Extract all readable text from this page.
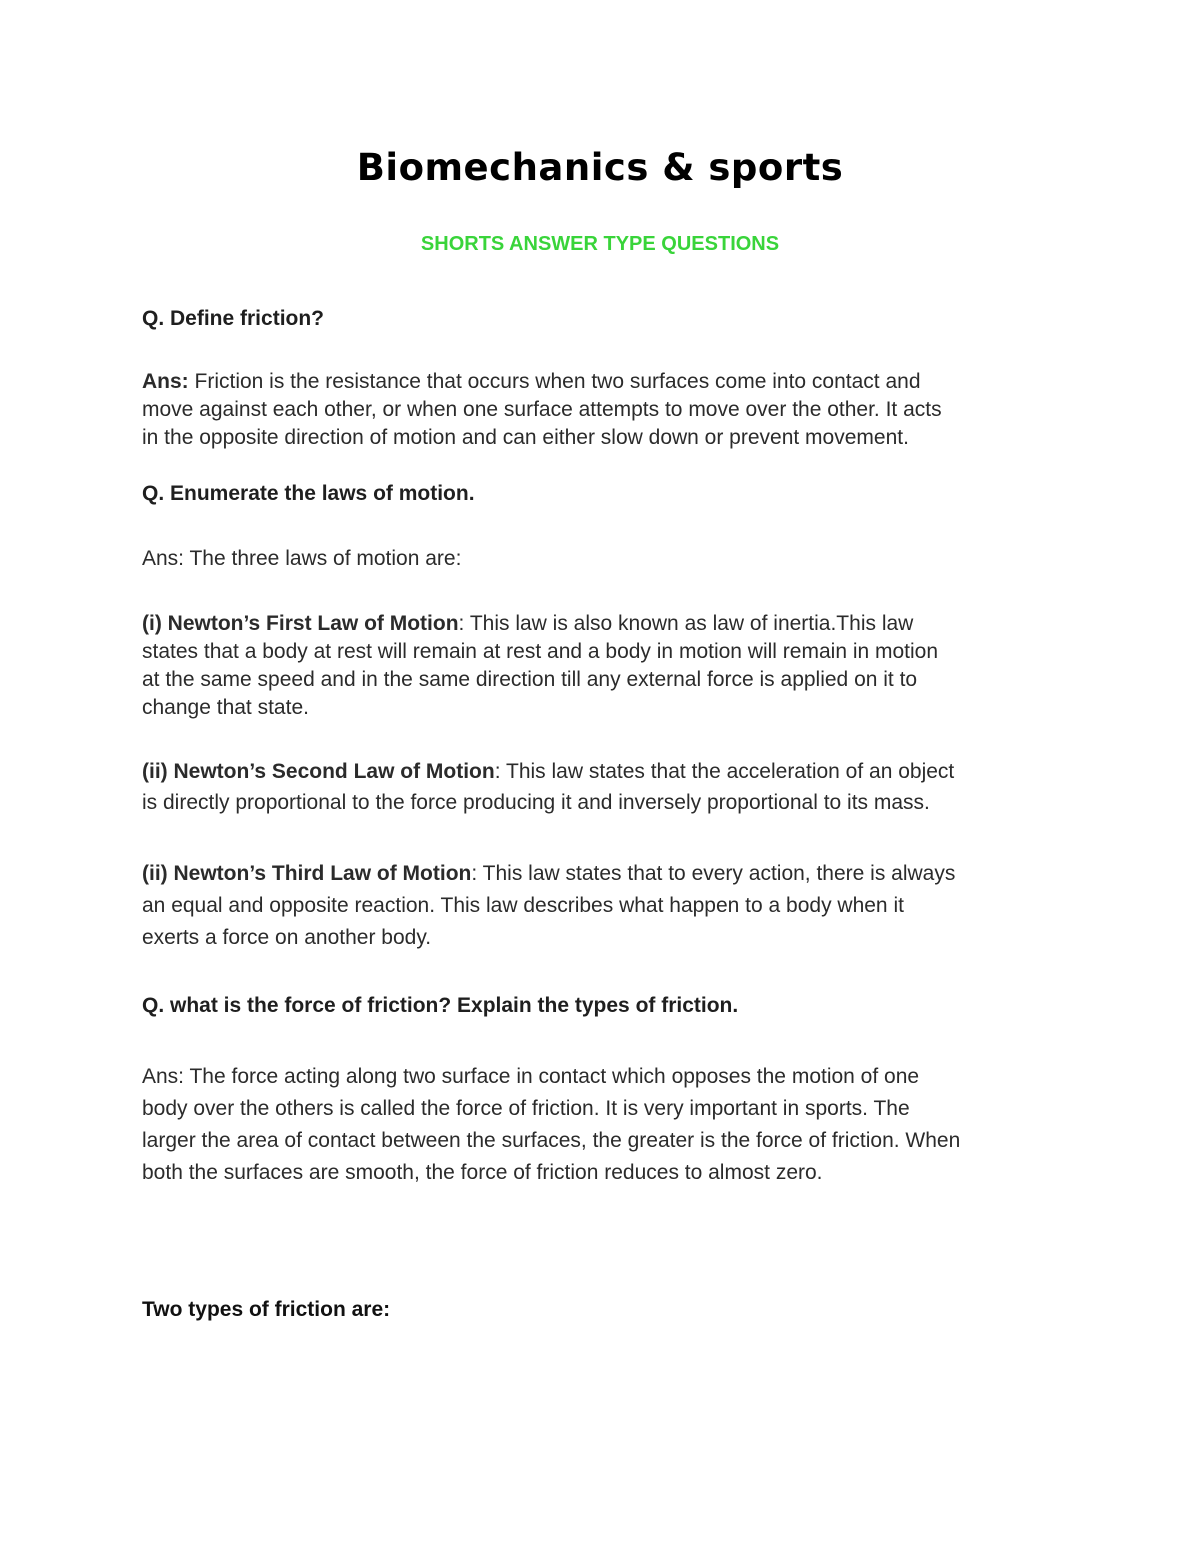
Biomechanics & sports
SHORTS ANSWER TYPE QUESTIONS
Q. Define friction?
Ans: Friction is the resistance that occurs when two surfaces come into contact and
move against each other, or when one surface attempts to move over the other. It acts
in the opposite direction of motion and can either slow down or prevent movement.
Q. Enumerate the laws of motion.
Ans: The three laws of motion are:
(i) Newton’s First Law of Motion: This law is also known as law of inertia.This law
states that a body at rest will remain at rest and a body in motion will remain in motion
at the same speed and in the same direction till any external force is applied on it to
change that state.
(ii) Newton’s Second Law of Motion: This law states that the acceleration of an object
is directly proportional to the force producing it and inversely proportional to its mass.
(ii) Newton’s Third Law of Motion: This law states that to every action, there is always
an equal and opposite reaction. This law describes what happen to a body when it
exerts a force on another body.
Q. what is the force of friction? Explain the types of friction.
Ans: The force acting along two surface in contact which opposes the motion of one
body over the others is called the force of friction. It is very important in sports. The
larger the area of contact between the surfaces, the greater is the force of friction. When
both the surfaces are smooth, the force of friction reduces to almost zero.
Two types of friction are:
